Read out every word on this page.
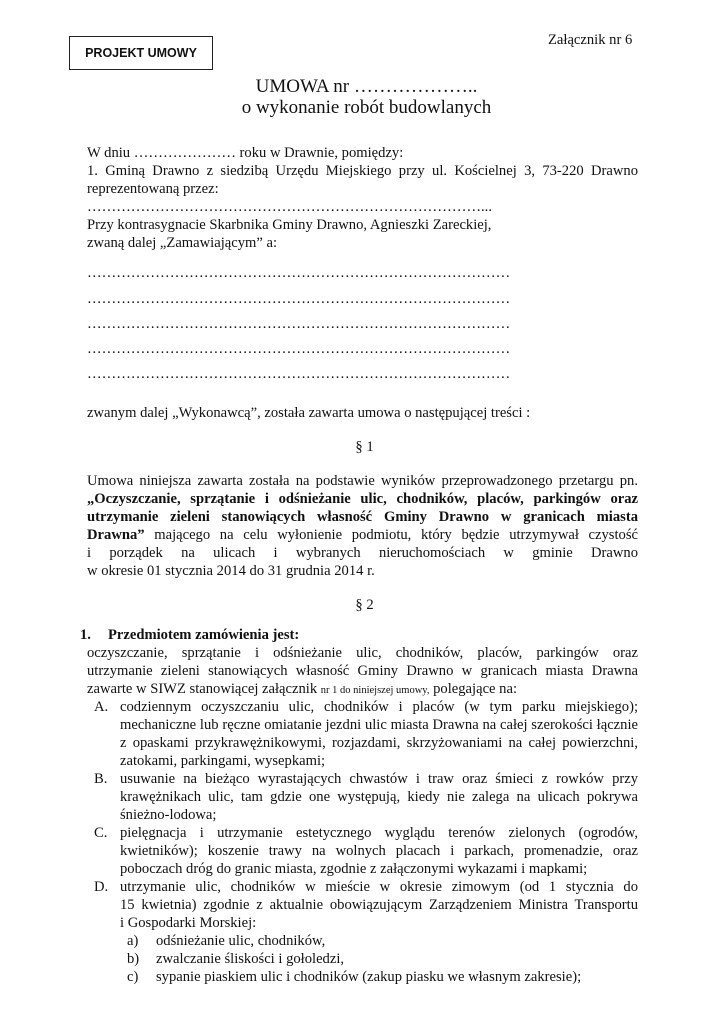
PROJEKT UMOWY
Załącznik nr 6
UMOWA nr ………………..
o wykonanie robót budowlanych
W dniu ………………… roku w Drawnie, pomiędzy:
1. Gminą Drawno z siedzibą Urzędu Miejskiego przy ul. Kościelnej 3, 73-220 Drawno
reprezentowaną przez:
………………………………………………………………………...
Przy kontrasygnacie Skarbnika Gminy Drawno, Agnieszki Zareckiej,
zwaną dalej „Zamawiającym” a:
……………………………………………………………………………
……………………………………………………………………………
……………………………………………………………………………
……………………………………………………………………………
……………………………………………………………………………
zwanym dalej „Wykonawcą”, została zawarta umowa o następującej treści :
§ 1
Umowa niniejsza zawarta została na podstawie wyników przeprowadzonego przetargu pn.
„Oczyszczanie, sprzątanie i odśnieżanie ulic, chodników, placów, parkingów oraz
utrzymanie zieleni stanowiących własność Gminy Drawno w granicach miasta
Drawna” mającego na celu wyłonienie podmiotu, który będzie utrzymywał czystość
i porządek na ulicach i wybranych nieruchomościach w gminie Drawno
w okresie 01 stycznia 2014 do 31 grudnia 2014 r.
§ 2
1. Przedmiotem zamówienia jest:
oczyszczanie, sprzątanie i odśnieżanie ulic, chodników, placów, parkingów oraz
utrzymanie zieleni stanowiących własność Gminy Drawno w granicach miasta Drawna
zawarte w SIWZ stanowiącej załącznik nr 1 do niniejszej umowy, polegające na:
A. codziennym oczyszczaniu ulic, chodników i placów (w tym parku miejskiego);
mechaniczne lub ręczne omiatanie jezdni ulic miasta Drawna na całej szerokości łącznie
z opaskami przykrawężnikowymi, rozjazdami, skrzyżowaniami na całej powierzchni,
zatokami, parkingami, wysepkami;
B. usuwanie na bieżąco wyrastających chwastów i traw oraz śmieci z rowków przy
krawężnikach ulic, tam gdzie one występują, kiedy nie zalega na ulicach pokrywa
śnieżno-lodowa;
C. pielęgnacja i utrzymanie estetycznego wyglądu terenów zielonych (ogrodów,
kwietników); koszenie trawy na wolnych placach i parkach, promenadzie, oraz
poboczach dróg do granic miasta, zgodnie z załączonymi wykazami i mapkami;
D. utrzymanie ulic, chodników w mieście w okresie zimowym (od 1 stycznia do
15 kwietnia) zgodnie z aktualnie obowiązującym Zarządzeniem Ministra Transportu
i Gospodarki Morskiej:
a) odśnieżanie ulic, chodników,
b) zwalczanie śliskości i gołoledzi,
c) sypanie piaskiem ulic i chodników (zakup piasku we własnym zakresie);
